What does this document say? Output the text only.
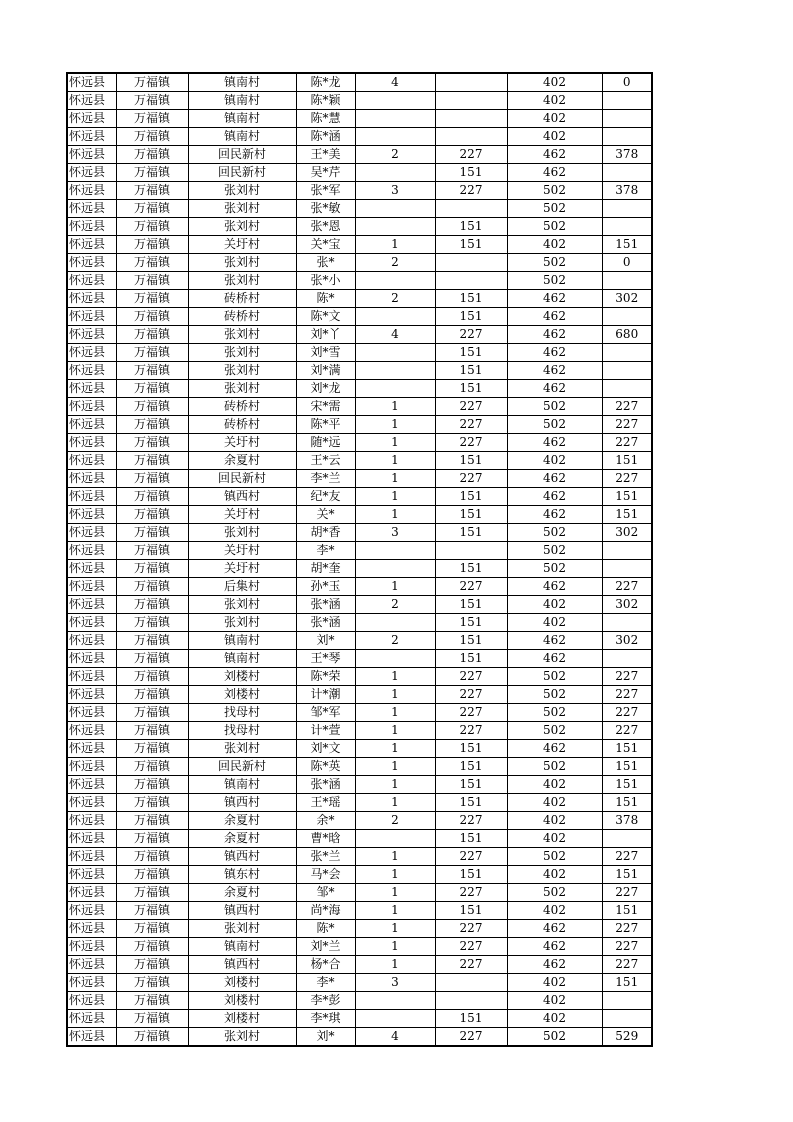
怀远县	万福镇	镇南村	陈*龙	4		402	0
怀远县	万福镇	镇南村	陈*颖			402	
怀远县	万福镇	镇南村	陈*慧			402	
怀远县	万福镇	镇南村	陈*涵			402	
怀远县	万福镇	回民新村	王*美	2	227	462	378
怀远县	万福镇	回民新村	吴*芹		151	462	
怀远县	万福镇	张刘村	张*军	3	227	502	378
怀远县	万福镇	张刘村	张*敏			502	
怀远县	万福镇	张刘村	张*恩		151	502	
怀远县	万福镇	关圩村	关*宝	1	151	402	151
怀远县	万福镇	张刘村	张*	2		502	0
怀远县	万福镇	张刘村	张*小			502	
怀远县	万福镇	砖桥村	陈*	2	151	462	302
怀远县	万福镇	砖桥村	陈*文		151	462	
怀远县	万福镇	张刘村	刘*丫	4	227	462	680
怀远县	万福镇	张刘村	刘*雪		151	462	
怀远县	万福镇	张刘村	刘*满		151	462	
怀远县	万福镇	张刘村	刘*龙		151	462	
怀远县	万福镇	砖桥村	宋*需	1	227	502	227
怀远县	万福镇	砖桥村	陈*平	1	227	502	227
怀远县	万福镇	关圩村	随*远	1	227	462	227
怀远县	万福镇	余夏村	王*云	1	151	402	151
怀远县	万福镇	回民新村	李*兰	1	227	462	227
怀远县	万福镇	镇西村	纪*友	1	151	462	151
怀远县	万福镇	关圩村	关*	1	151	462	151
怀远县	万福镇	张刘村	胡*香	3	151	502	302
怀远县	万福镇	关圩村	李*			502	
怀远县	万福镇	关圩村	胡*奎		151	502	
怀远县	万福镇	后集村	孙*玉	1	227	462	227
怀远县	万福镇	张刘村	张*涵	2	151	402	302
怀远县	万福镇	张刘村	张*涵		151	402	
怀远县	万福镇	镇南村	刘*	2	151	462	302
怀远县	万福镇	镇南村	王*琴		151	462	
怀远县	万福镇	刘楼村	陈*荣	1	227	502	227
怀远县	万福镇	刘楼村	计*潮	1	227	502	227
怀远县	万福镇	找母村	邹*军	1	227	502	227
怀远县	万福镇	找母村	计*萱	1	227	502	227
怀远县	万福镇	张刘村	刘*文	1	151	462	151
怀远县	万福镇	回民新村	陈*英	1	151	502	151
怀远县	万福镇	镇南村	张*涵	1	151	402	151
怀远县	万福镇	镇西村	王*瑶	1	151	402	151
怀远县	万福镇	余夏村	余*	2	227	402	378
怀远县	万福镇	余夏村	曹*晗		151	402	
怀远县	万福镇	镇西村	张*兰	1	227	502	227
怀远县	万福镇	镇东村	马*会	1	151	402	151
怀远县	万福镇	余夏村	邹*	1	227	502	227
怀远县	万福镇	镇西村	尚*海	1	151	402	151
怀远县	万福镇	张刘村	陈*	1	227	462	227
怀远县	万福镇	镇南村	刘*兰	1	227	462	227
怀远县	万福镇	镇西村	杨*合	1	227	462	227
怀远县	万福镇	刘楼村	李*	3		402	151
怀远县	万福镇	刘楼村	李*彭			402	
怀远县	万福镇	刘楼村	李*琪		151	402	
怀远县	万福镇	张刘村	刘*	4	227	502	529
